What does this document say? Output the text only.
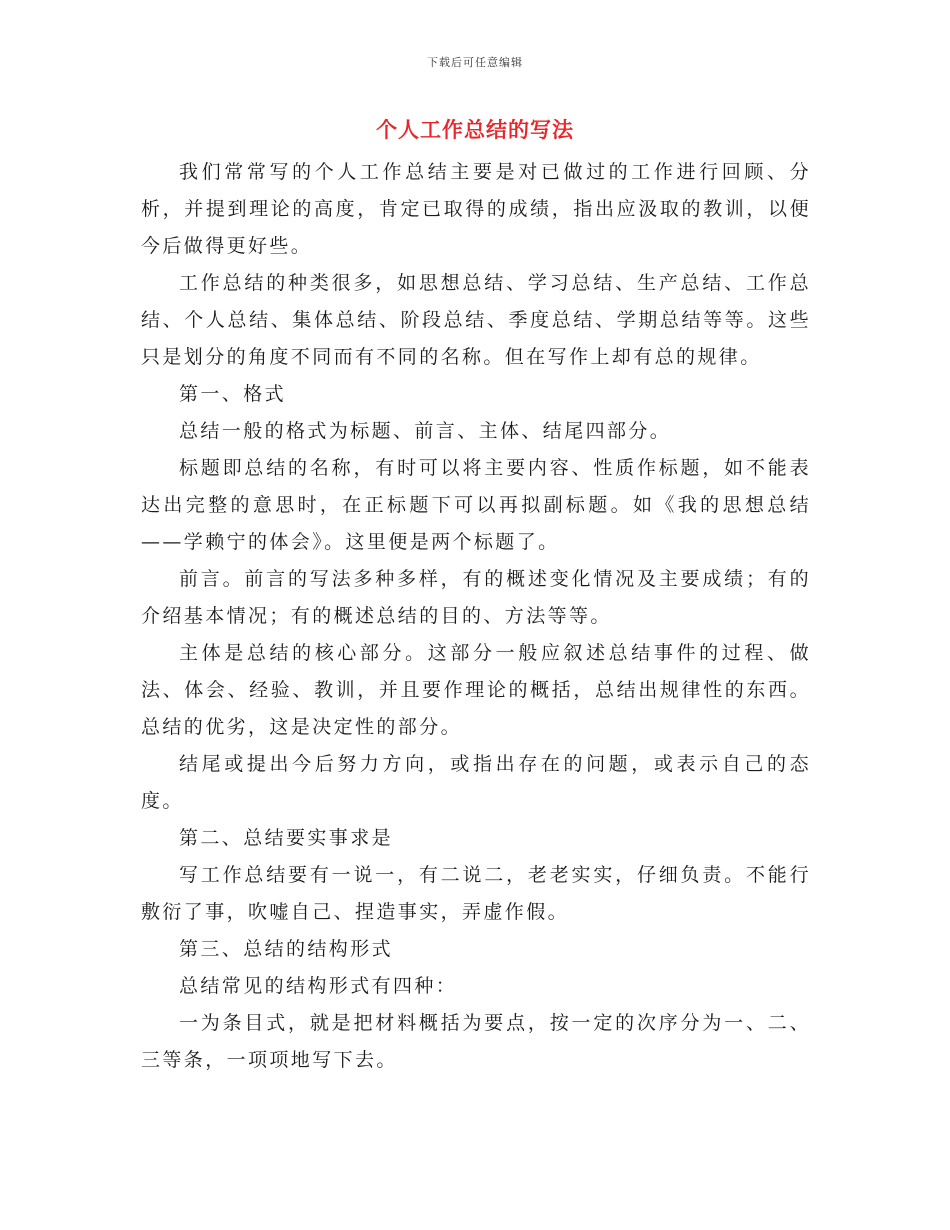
下载后可任意编辑
个人工作总结的写法

我们常常写的个人工作总结主要是对已做过的工作进行回顾、分析，并提到理论的高度，肯定已取得的成绩，指出应汲取的教训，以便今后做得更好些。

工作总结的种类很多，如思想总结、学习总结、生产总结、工作总结、个人总结、集体总结、阶段总结、季度总结、学期总结等等。这些只是划分的角度不同而有不同的名称。但在写作上却有总的规律。

第一、格式

总结一般的格式为标题、前言、主体、结尾四部分。

标题即总结的名称，有时可以将主要内容、性质作标题，如不能表达出完整的意思时，在正标题下可以再拟副标题。如《我的思想总结——学赖宁的体会》。这里便是两个标题了。

前言。前言的写法多种多样，有的概述变化情况及主要成绩；有的介绍基本情况；有的概述总结的目的、方法等等。

主体是总结的核心部分。这部分一般应叙述总结事件的过程、做法、体会、经验、教训，并且要作理论的概括，总结出规律性的东西。总结的优劣，这是决定性的部分。

结尾或提出今后努力方向，或指出存在的问题，或表示自己的态度。

第二、总结要实事求是

写工作总结要有一说一，有二说二，老老实实，仔细负责。不能行敷衍了事，吹嘘自己、捏造事实，弄虚作假。

第三、总结的结构形式

总结常见的结构形式有四种：

一为条目式，就是把材料概括为要点，按一定的次序分为一、二、三等条，一项项地写下去。
